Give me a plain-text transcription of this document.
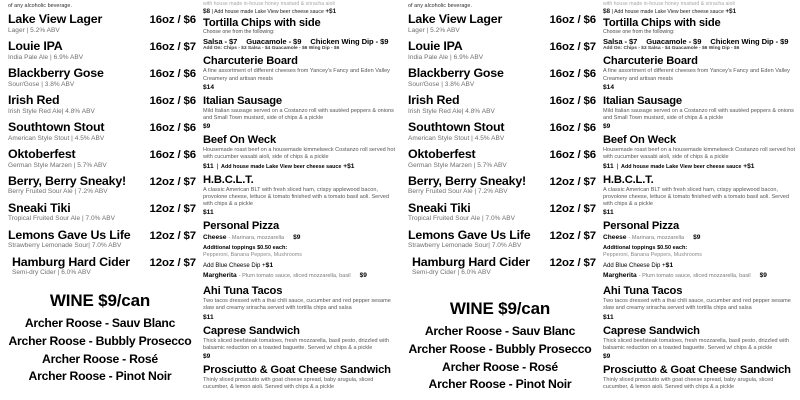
of any alcoholic beverage.
Lake View Lager	16oz / $6
Lager | 5.2% ABV
Louie IPA	16oz / $7
India Pale Ale | 6.9% ABV
Blackberry Gose	16oz / $6
Sour/Gose | 3.8% ABV
Irish Red	16oz / $6
Irish Style Red Ale| 4.8% ABV
Southtown Stout	16oz / $6
American Style Stout | 4.5% ABV
Oktoberfest	16oz / $6
German Style Marzen | 5.7% ABV
Berry, Berry Sneaky!	12oz / $7
Berry Fruited Sour Ale | 7.2% ABV
Sneaki Tiki	12oz / $7
Tropical Fruited Sour Ale | 7.0% ABV
Lemons Gave Us Life	12oz / $7
Strawberry Lemonade Sour| 7.0% ABV
Hamburg Hard Cider	12oz / $7
Semi-dry Cider | 6.0% ABV
WINE $9/can
Archer Roose - Sauv Blanc
Archer Roose - Bubbly Prosecco
Archer Roose - Rosé
Archer Roose - Pinot Noir
with house made in-house honey mustard & sriracha aioli
$8 | Add house made Lake View beer cheese sauce +$1
Tortilla Chips with side
Choose one from the following:
Salsa - $7 Guacamole - $9 Chicken Wing Dip - $9
Add On: Chips - $3 Salsa - $4 Guacamole - $6 Wing Dip - $6
Charcuterie Board
A fine assortment of different cheeses from Yancey's Fancy and Eden Valley Creamery and artisan meats
$14
Italian Sausage
Mild Italian sausage served on a Costanzo roll with sautéed peppers & onions and Small Town mustard, side of chips & a pickle
$9
Beef On Weck
Housemade roast beef on a housemade kimmelweck Costanzo roll served hot with cucumber wasabi aioli, side of chips & a pickle
$11 | Add house made Lake View beer cheese sauce +$1
H.B.C.L.T.
A classic American BLT with fresh sliced ham, crispy applewood bacon, provolone cheese, lettuce & tomato finished with a tomato basil aoli. Served with chips & a pickle
$11
Personal Pizza
Cheese - Marinara, mozzarella	$9
Additional toppings $0.50 each:
Pepperoni, Banana Peppers, Mushrooms
Add Blue Cheese Dip +$1
Margherita - Plum tomato sauce, sliced mozzarella, basil	$9
Ahi Tuna Tacos
Two tacos dressed with a thai chili sauce, cucumber and red pepper sesame slaw and creamy sriracha served with tortilla chips and salsa
$11
Caprese Sandwich
Thick sliced beefsteak tomatoes, fresh mozzarella, basil pesto, drizzled with balsamic reduction on a toasted baguette. Served w/ chips & a pickle
$9
Prosciutto & Goat Cheese Sandwich
Thinly sliced prosciutto with goat cheese spread, baby arugula, sliced cucumber, & lemon aioli. Served with chips & a pickle
of any alcoholic beverage.
Lake View Lager	16oz / $6
Lager | 5.2% ABV
Louie IPA	16oz / $7
India Pale Ale | 6.9% ABV
Blackberry Gose	16oz / $6
Sour/Gose | 3.8% ABV
Irish Red	16oz / $6
Irish Style Red Ale| 4.8% ABV
Southtown Stout	16oz / $6
American Style Stout | 4.5% ABV
Oktoberfest	16oz / $6
German Style Marzen | 5.7% ABV
Berry, Berry Sneaky!	12oz / $7
Berry Fruited Sour Ale | 7.2% ABV
Sneaki Tiki	12oz / $7
Tropical Fruited Sour Ale | 7.0% ABV
Lemons Gave Us Life	12oz / $7
Strawberry Lemonade Sour| 7.0% ABV
Hamburg Hard Cider	12oz / $7
Semi-dry Cider | 6.0% ABV
WINE $9/can
Archer Roose - Sauv Blanc
Archer Roose - Bubbly Prosecco
Archer Roose - Rosé
Archer Roose - Pinot Noir
with house made in-house honey mustard & sriracha aioli
$8 | Add house made Lake View beer cheese sauce +$1
Tortilla Chips with side
Choose one from the following:
Salsa - $7 Guacamole - $9 Chicken Wing Dip - $9
Add On: Chips - $3 Salsa - $4 Guacamole - $6 Wing Dip - $6
Charcuterie Board
A fine assortment of different cheeses from Yancey's Fancy and Eden Valley Creamery and artisan meats
$14
Italian Sausage
Mild Italian sausage served on a Costanzo roll with sautéed peppers & onions and Small Town mustard, side of chips & a pickle
$9
Beef On Weck
Housemade roast beef on a housemade kimmelweck Costanzo roll served hot with cucumber wasabi aioli, side of chips & a pickle
$11 | Add house made Lake View beer cheese sauce +$1
H.B.C.L.T.
A classic American BLT with fresh sliced ham, crispy applewood bacon, provolone cheese, lettuce & tomato finished with a tomato basil aoli. Served with chips & a pickle
$11
Personal Pizza
Cheese - Marinara, mozzarella	$9
Additional toppings $0.50 each:
Pepperoni, Banana Peppers, Mushrooms
Add Blue Cheese Dip +$1
Margherita - Plum tomato sauce, sliced mozzarella, basil	$9
Ahi Tuna Tacos
Two tacos dressed with a thai chili sauce, cucumber and red pepper sesame slaw and creamy sriracha served with tortilla chips and salsa
$11
Caprese Sandwich
Thick sliced beefsteak tomatoes, fresh mozzarella, basil pesto, drizzled with balsamic reduction on a toasted baguette. Served w/ chips & a pickle
$9
Prosciutto & Goat Cheese Sandwich
Thinly sliced prosciutto with goat cheese spread, baby arugula, sliced cucumber, & lemon aioli. Served with chips & a pickle
